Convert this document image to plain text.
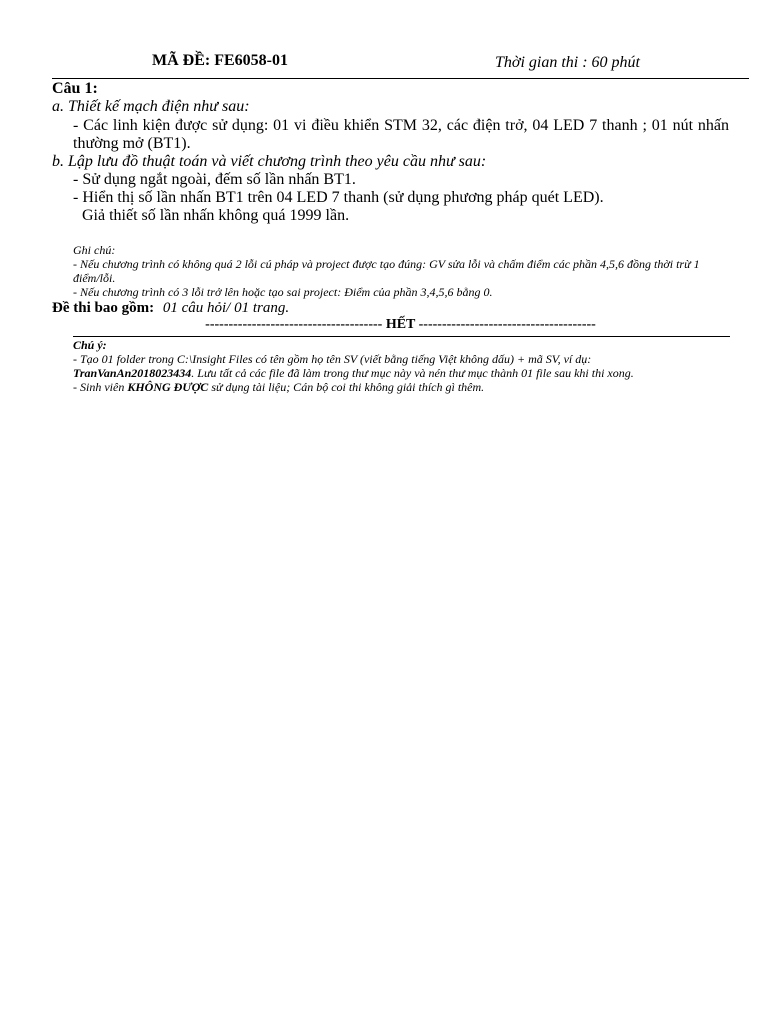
MÃ ĐỀ: FE6058-01	Thời gian thi : 60 phút
Câu 1:
a. Thiết kế mạch điện như sau:
- Các linh kiện được sử dụng: 01 vi điều khiển STM 32, các điện trở, 04 LED 7 thanh ; 01 nút nhấn thường mở (BT1).
b. Lập lưu đồ thuật toán và viết chương trình theo yêu cầu như sau:
- Sử dụng ngắt ngoài, đếm số lần nhấn BT1.
- Hiển thị số lần nhấn BT1 trên 04 LED 7 thanh (sử dụng phương pháp quét LED).
Giả thiết số lần nhấn không quá 1999 lần.
Ghi chú:
- Nếu chương trình có không quá 2 lỗi cú pháp và project được tạo đúng: GV sửa lỗi và chấm điểm các phần 4,5,6 đồng thời trừ 1 điểm/lỗi.
- Nếu chương trình có 3 lỗi trở lên hoặc tạo sai project: Điểm của phần 3,4,5,6 bằng 0.
Đề thi bao gồm: 01 câu hỏi/ 01 trang.
-------------------------------------- HẾT --------------------------------------
Chú ý:
- Tạo 01 folder trong C:\Insight Files có tên gồm họ tên SV (viết bằng tiếng Việt không dấu) + mã SV, ví dụ:
TranVanAn2018023434. Lưu tất cả các file đã làm trong thư mục này và nén thư mục thành 01 file sau khi thi xong.
- Sinh viên KHÔNG ĐƯỢC sử dụng tài liệu; Cán bộ coi thi không giải thích gì thêm.
